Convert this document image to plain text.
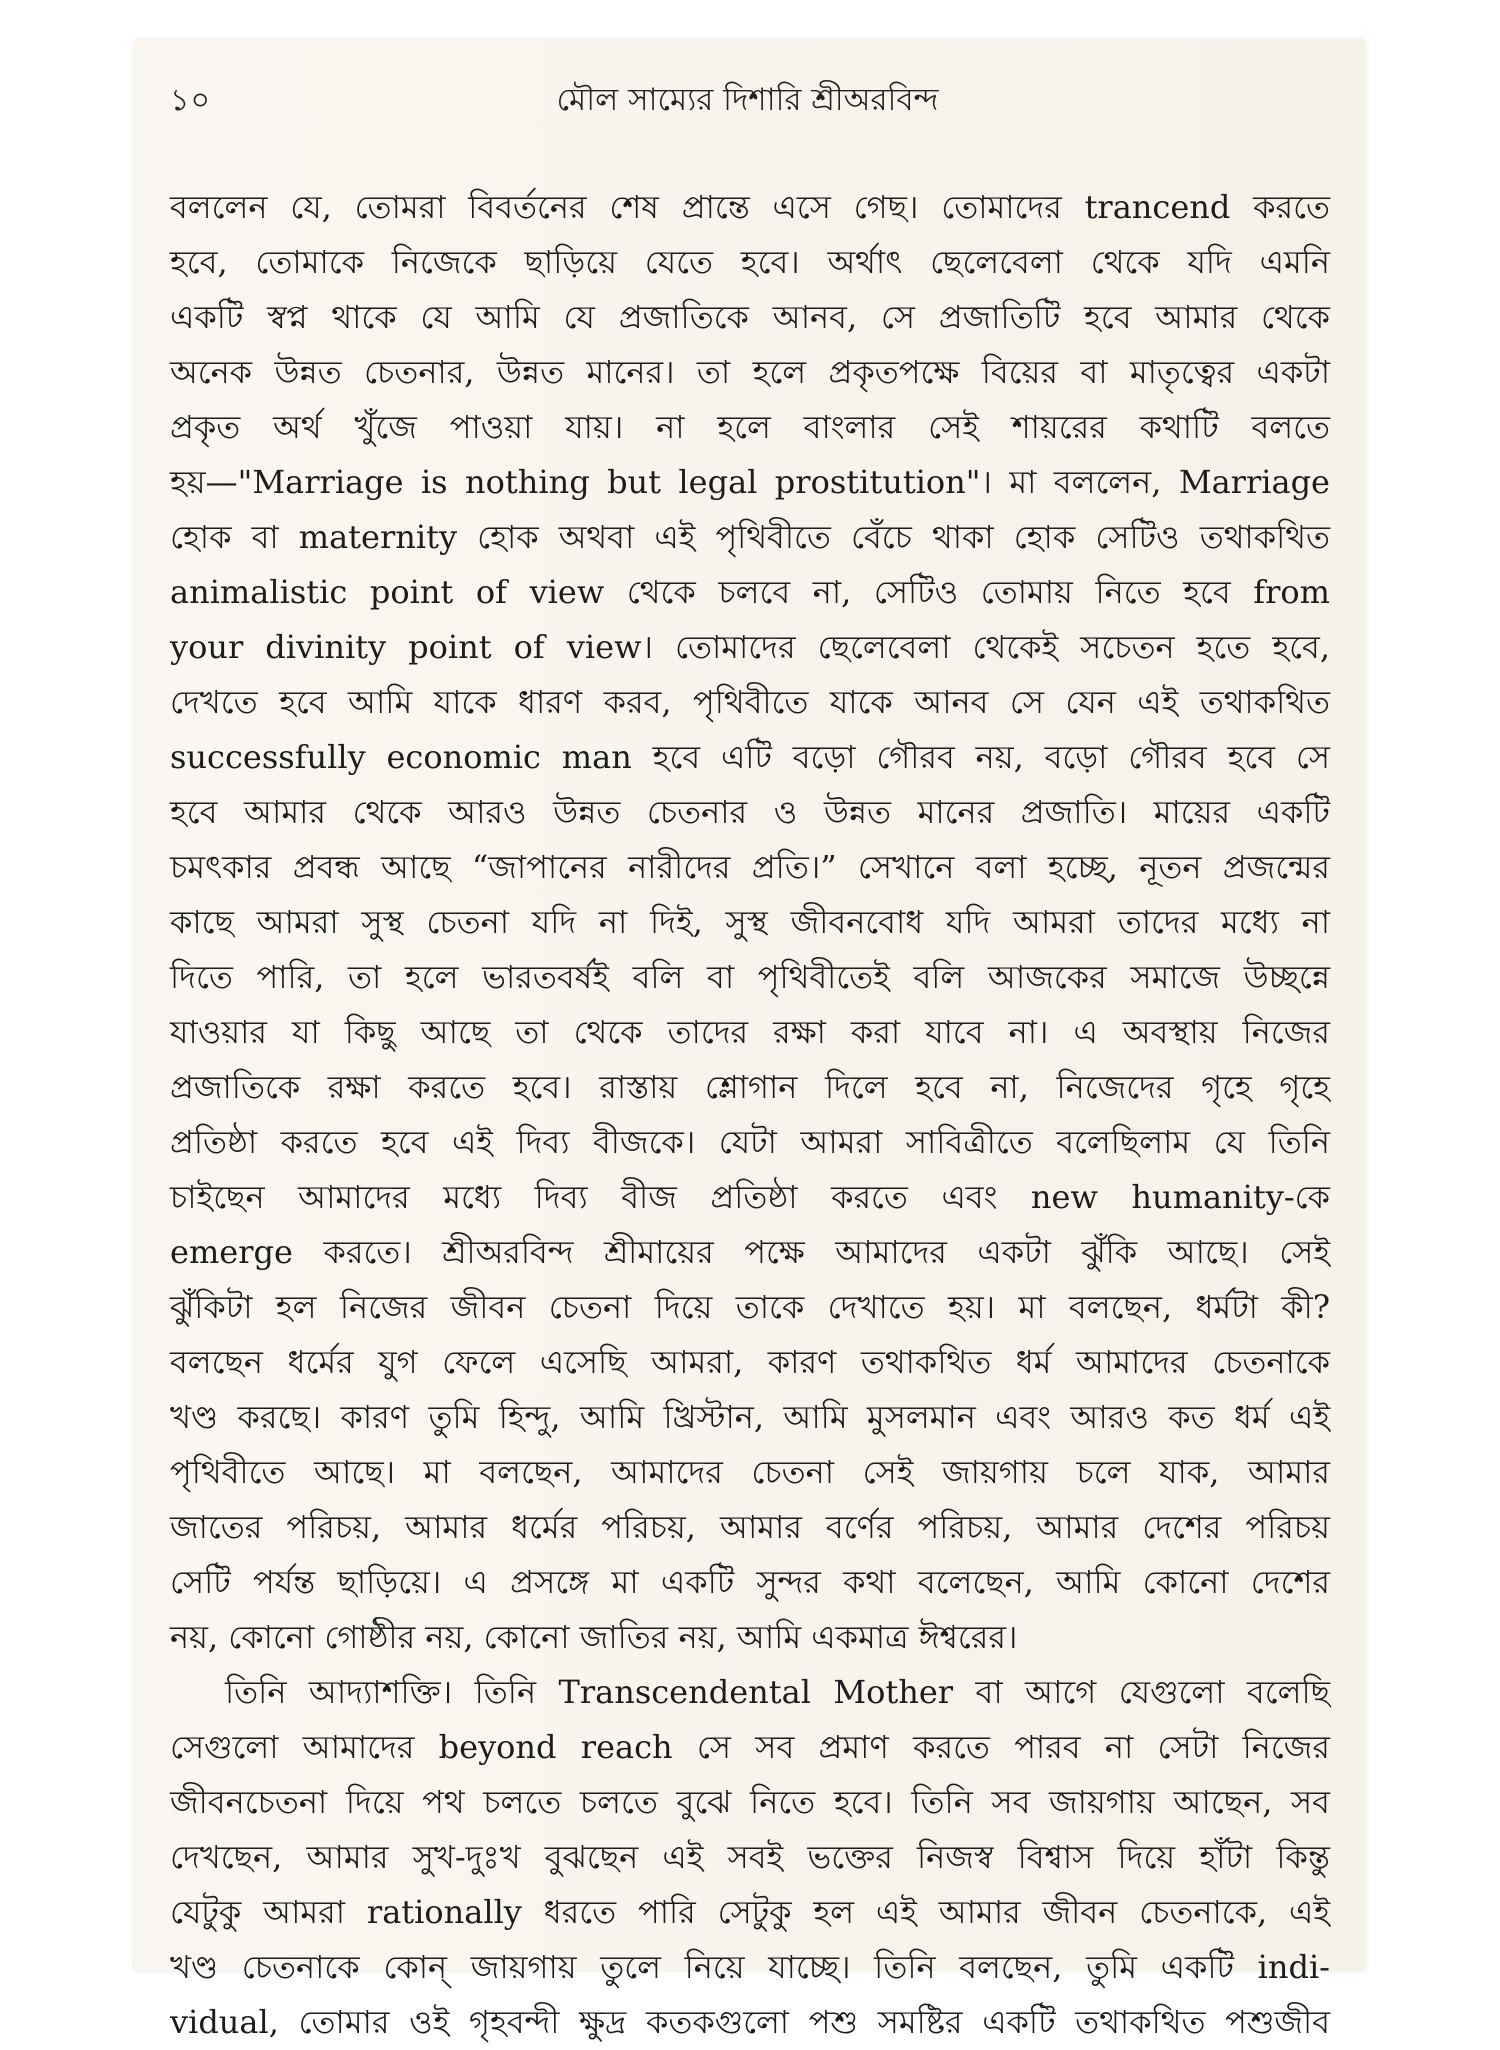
১০	মৌল সাম্যের দিশারি শ্রীঅরবিন্দ
বললেন যে, তোমরা বিবর্তনের শেষ প্রান্তে এসে গেছ। তোমাদের trancend করতে
হবে, তোমাকে নিজেকে ছাড়িয়ে যেতে হবে। অর্থাৎ ছেলেবেলা থেকে যদি এমনি
একটি স্বপ্ন থাকে যে আমি যে প্রজাতিকে আনব, সে প্রজাতিটি হবে আমার থেকে
অনেক উন্নত চেতনার, উন্নত মানের। তা হলে প্রকৃতপক্ষে বিয়ের বা মাতৃত্বের একটা
প্রকৃত অর্থ খুঁজে পাওয়া যায়। না হলে বাংলার সেই শায়রের কথাটি বলতে
হয়—"Marriage is nothing but legal prostitution"। মা বললেন, Marriage
হোক বা maternity হোক অথবা এই পৃথিবীতে বেঁচে থাকা হোক সেটিও তথাকথিত
animalistic point of view থেকে চলবে না, সেটিও তোমায় নিতে হবে from
your divinity point of view। তোমাদের ছেলেবেলা থেকেই সচেতন হতে হবে,
দেখতে হবে আমি যাকে ধারণ করব, পৃথিবীতে যাকে আনব সে যেন এই তথাকথিত
successfully economic man হবে এটি বড়ো গৌরব নয়, বড়ো গৌরব হবে সে
হবে আমার থেকে আরও উন্নত চেতনার ও উন্নত মানের প্রজাতি। মায়ের একটি
চমৎকার প্রবন্ধ আছে “জাপানের নারীদের প্রতি।” সেখানে বলা হচ্ছে, নূতন প্রজন্মের
কাছে আমরা সুস্থ চেতনা যদি না দিই, সুস্থ জীবনবোধ যদি আমরা তাদের মধ্যে না
দিতে পারি, তা হলে ভারতবর্ষই বলি বা পৃথিবীতেই বলি আজকের সমাজে উচ্ছন্নে
যাওয়ার যা কিছু আছে তা থেকে তাদের রক্ষা করা যাবে না। এ অবস্থায় নিজের
প্রজাতিকে রক্ষা করতে হবে। রাস্তায় শ্লোগান দিলে হবে না, নিজেদের গৃহে গৃহে
প্রতিষ্ঠা করতে হবে এই দিব্য বীজকে। যেটা আমরা সাবিত্রীতে বলেছিলাম যে তিনি
চাইছেন আমাদের মধ্যে দিব্য বীজ প্রতিষ্ঠা করতে এবং new humanity-কে
emerge করতে। শ্রীঅরবিন্দ শ্রীমায়ের পক্ষে আমাদের একটা ঝুঁকি আছে। সেই
ঝুঁকিটা হল নিজের জীবন চেতনা দিয়ে তাকে দেখাতে হয়। মা বলছেন, ধর্মটা কী?
বলছেন ধর্মের যুগ ফেলে এসেছি আমরা, কারণ তথাকথিত ধর্ম আমাদের চেতনাকে
খণ্ড করছে। কারণ তুমি হিন্দু, আমি খ্রিস্টান, আমি মুসলমান এবং আরও কত ধর্ম এই
পৃথিবীতে আছে। মা বলছেন, আমাদের চেতনা সেই জায়গায় চলে যাক, আমার
জাতের পরিচয়, আমার ধর্মের পরিচয়, আমার বর্ণের পরিচয়, আমার দেশের পরিচয়
সেটি পর্যন্ত ছাড়িয়ে। এ প্রসঙ্গে মা একটি সুন্দর কথা বলেছেন, আমি কোনো দেশের
নয়, কোনো গোষ্ঠীর নয়, কোনো জাতির নয়, আমি একমাত্র ঈশ্বরের।
তিনি আদ্যাশক্তি। তিনি Transcendental Mother বা আগে যেগুলো বলেছি
সেগুলো আমাদের beyond reach সে সব প্রমাণ করতে পারব না সেটা নিজের
জীবনচেতনা দিয়ে পথ চলতে চলতে বুঝে নিতে হবে। তিনি সব জায়গায় আছেন, সব
দেখছেন, আমার সুখ-দুঃখ বুঝছেন এই সবই ভক্তের নিজস্ব বিশ্বাস দিয়ে হাঁটা কিন্তু
যেটুকু আমরা rationally ধরতে পারি সেটুকু হল এই আমার জীবন চেতনাকে, এই
খণ্ড চেতনাকে কোন্ জায়গায় তুলে নিয়ে যাচ্ছে। তিনি বলছেন, তুমি একটি indi-
vidual, তোমার ওই গৃহবন্দী ক্ষুদ্র কতকগুলো পশু সমষ্টির একটি তথাকথিত পশুজীব
